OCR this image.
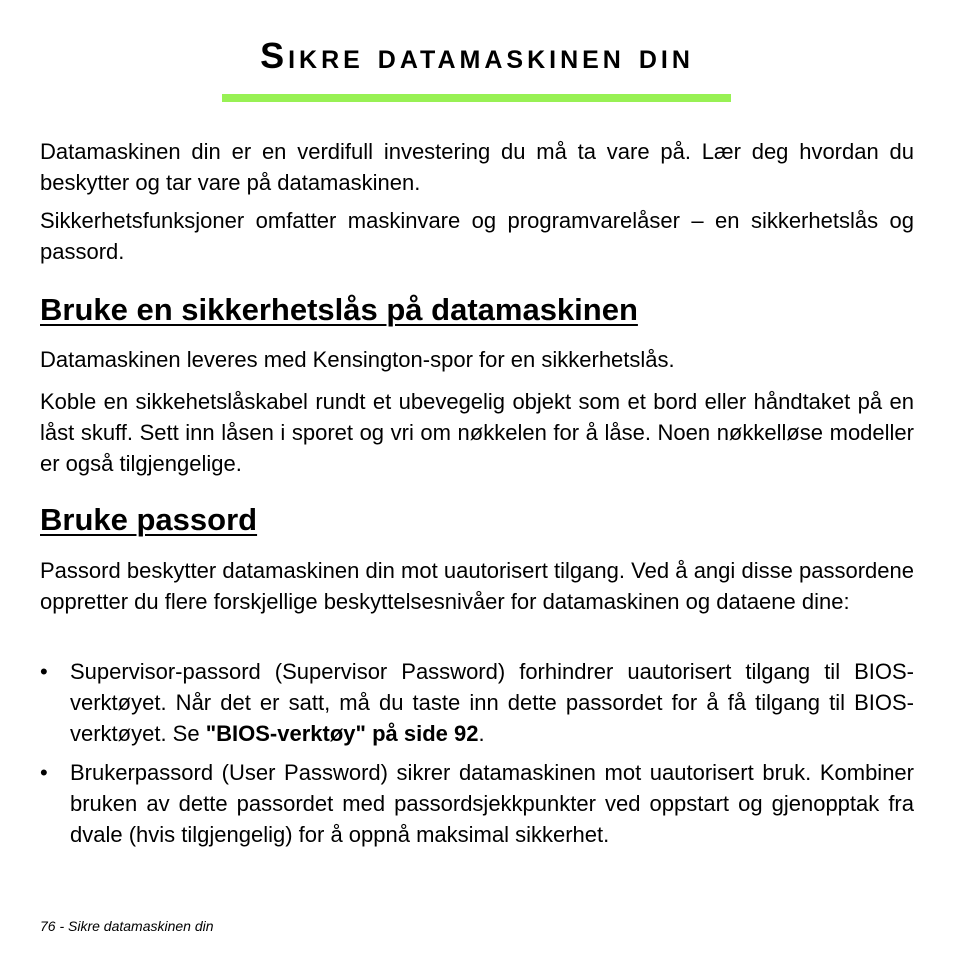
Sikre datamaskinen din

Datamaskinen din er en verdifull investering du må ta vare på. Lær deg hvordan du beskytter og tar vare på datamaskinen.

Sikkerhetsfunksjoner omfatter maskinvare og programvarelåser – en sikkerhetslås og passord.

Bruke en sikkerhetslås på datamaskinen

Datamaskinen leveres med Kensington-spor for en sikkerhetslås.

Koble en sikkehetslåskabel rundt et ubevegelig objekt som et bord eller håndtaket på en låst skuff. Sett inn låsen i sporet og vri om nøkkelen for å låse. Noen nøkkelløse modeller er også tilgjengelige.

Bruke passord

Passord beskytter datamaskinen din mot uautorisert tilgang. Ved å angi disse passordene oppretter du flere forskjellige beskyttelsesnivåer for datamaskinen og dataene dine:

• Supervisor-passord (Supervisor Password) forhindrer uautorisert tilgang til BIOS-verktøyet. Når det er satt, må du taste inn dette passordet for å få tilgang til BIOS-verktøyet. Se "BIOS-verktøy" på side 92.
• Brukerpassord (User Password) sikrer datamaskinen mot uautorisert bruk. Kombiner bruken av dette passordet med passordsjekkpunkter ved oppstart og gjenopptak fra dvale (hvis tilgjengelig) for å oppnå maksimal sikkerhet.

76 - Sikre datamaskinen din
